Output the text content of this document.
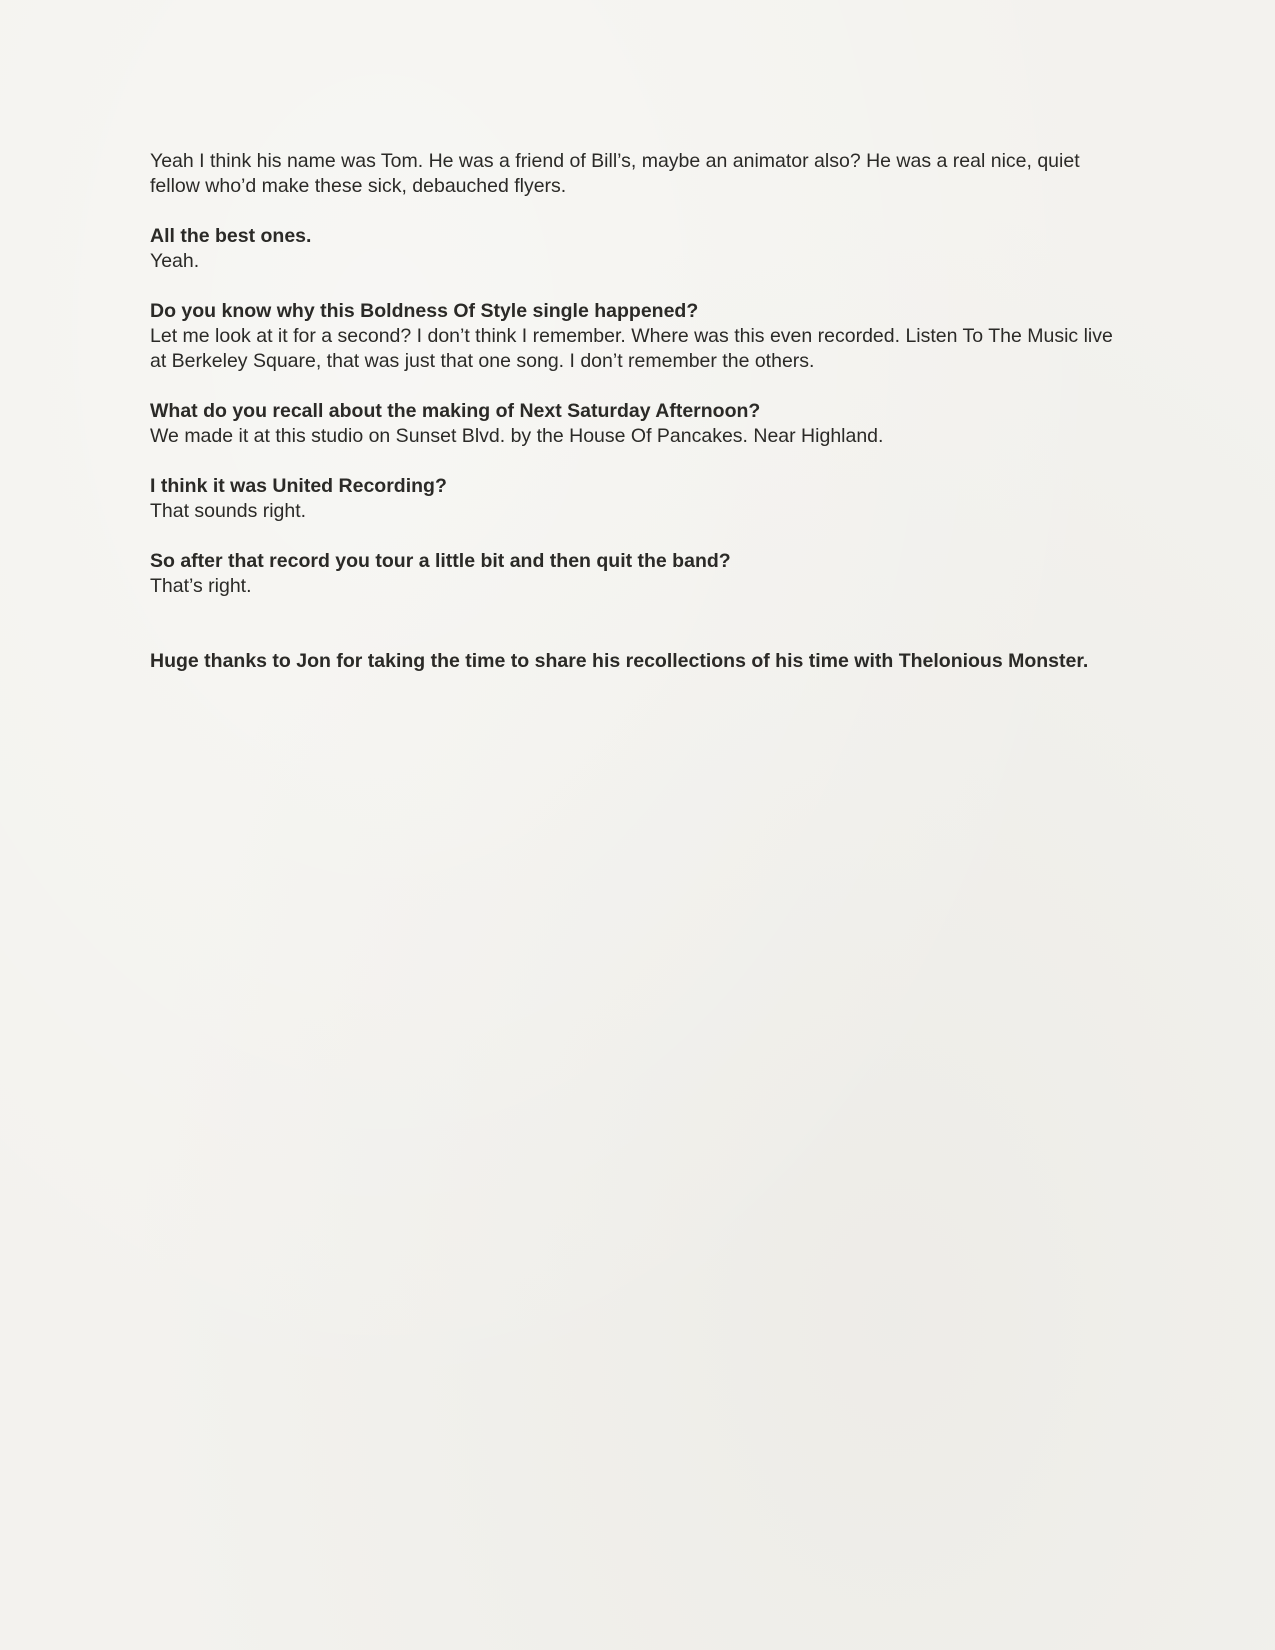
Yeah I think his name was Tom. He was a friend of Bill’s, maybe an animator also? He was a real nice, quiet fellow who’d make these sick, debauched flyers.

All the best ones.

Yeah.

Do you know why this Boldness Of Style single happened?

Let me look at it for a second? I don’t think I remember. Where was this even recorded. Listen To The Music live at Berkeley Square, that was just that one song. I don’t remember the others.

What do you recall about the making of Next Saturday Afternoon?

We made it at this studio on Sunset Blvd. by the House Of Pancakes. Near Highland.

I think it was United Recording?

That sounds right.

So after that record you tour a little bit and then quit the band?

That’s right.

Huge thanks to Jon for taking the time to share his recollections of his time with Thelonious Monster.
